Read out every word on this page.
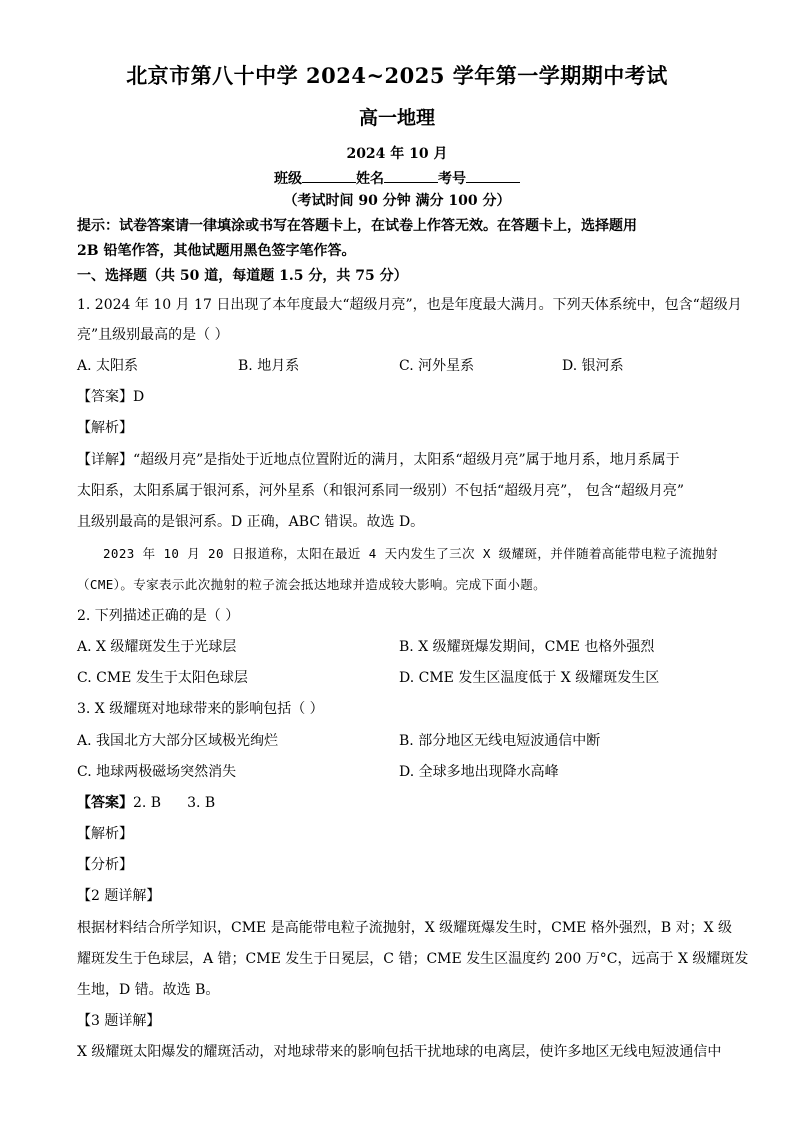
北京市第八十中学 2024~2025 学年第一学期期中考试
高一地理
2024 年 10 月
班级	姓名	考号
（考试时间 90 分钟 满分 100 分）
提示：试卷答案请一律填涂或书写在答题卡上，在试卷上作答无效。在答题卡上，选择题用
2B 铅笔作答，其他试题用黑色签字笔作答。
一、选择题（共 50 道，每道题 1.5 分，共 75 分）
1. 2024 年 10 月 17 日出现了本年度最大“超级月亮”，也是年度最大满月。下列天体系统中，包含“超级月
亮”且级别最高的是（ ）
A. 太阳系	B. 地月系	C. 河外星系	D. 银河系
【答案】D
【解析】
【详解】“超级月亮”是指处于近地点位置附近的满月，太阳系“超级月亮”属于地月系，地月系属于
太阳系，太阳系属于银河系，河外星系（和银河系同一级别）不包括“超级月亮”， 包含“超级月亮”
且级别最高的是银河系。D 正确，ABC 错误。故选 D。
2023 年 10 月 20 日报道称，太阳在最近 4 天内发生了三次 X 级耀斑，并伴随着高能带电粒子流抛射
（CME）。专家表示此次抛射的粒子流会抵达地球并造成较大影响。完成下面小题。
2. 下列描述正确的是（ ）
A. X 级耀斑发生于光球层	B. X 级耀斑爆发期间，CME 也格外强烈
C. CME 发生于太阳色球层	D. CME 发生区温度低于 X 级耀斑发生区
3. X 级耀斑对地球带来的影响包括（ ）
A. 我国北方大部分区域极光绚烂	B. 部分地区无线电短波通信中断
C. 地球两极磁场突然消失	D. 全球多地出现降水高峰
【答案】2. B 3. B
【解析】
【分析】
【2 题详解】
根据材料结合所学知识，CME 是高能带电粒子流抛射，X 级耀斑爆发生时，CME 格外强烈，B 对；X 级
耀斑发生于色球层，A 错；CME 发生于日冕层，C 错；CME 发生区温度约 200 万°C，远高于 X 级耀斑发
生地，D 错。故选 B。
【3 题详解】
X 级耀斑太阳爆发的耀斑活动，对地球带来的影响包括干扰地球的电离层，使许多地区无线电短波通信中
